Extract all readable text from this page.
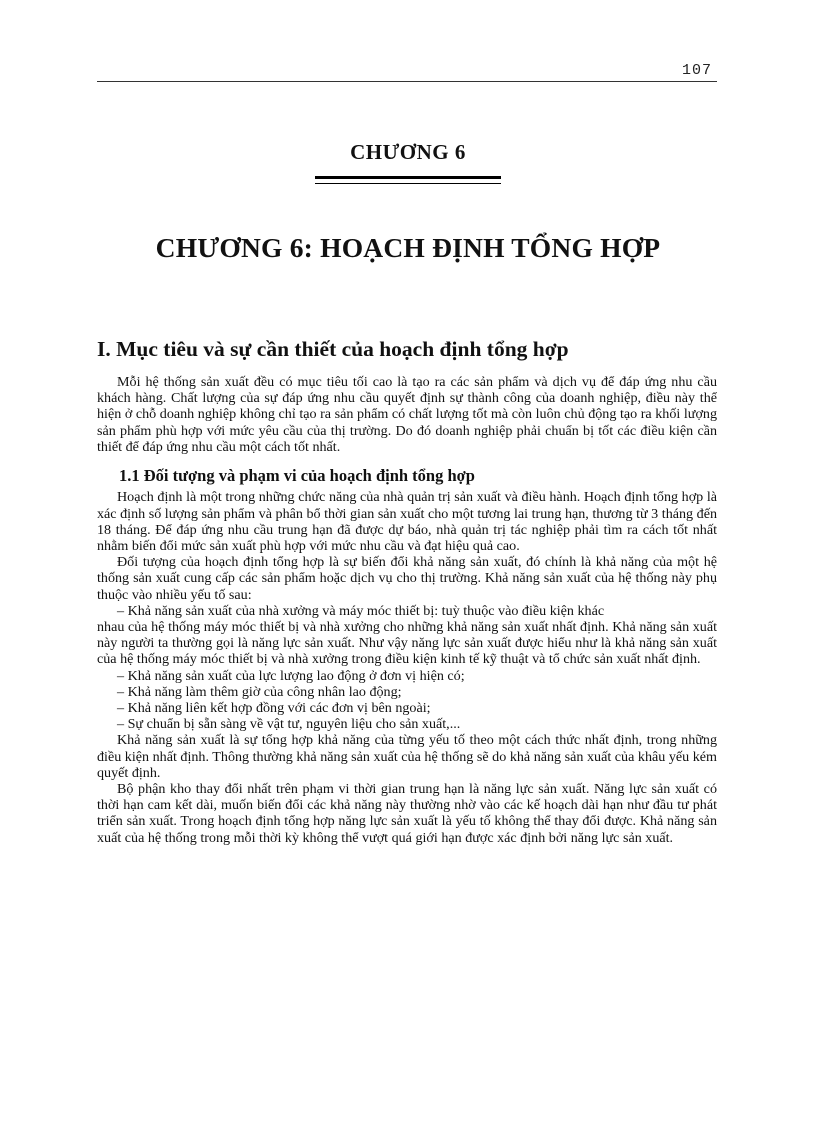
107
CHƯƠNG 6
CHƯƠNG 6: HOẠCH ĐỊNH TỔNG HỢP
I. Mục tiêu và sự cần thiết của hoạch định tổng hợp

Mỗi hệ thống sản xuất đều có mục tiêu tối cao là tạo ra các sản phẩm và dịch vụ để đáp ứng nhu cầu khách hàng. Chất lượng của sự đáp ứng nhu cầu quyết định sự thành công của doanh nghiệp, điều này thể hiện ở chỗ doanh nghiệp không chỉ tạo ra sản phẩm có chất lượng tốt mà còn luôn chủ động tạo ra khối lượng sản phẩm phù hợp với mức yêu cầu của thị trường. Do đó doanh nghiệp phải chuẩn bị tốt các điều kiện cần thiết để đáp ứng nhu cầu một cách tốt nhất.

1.1 Đối tượng và phạm vi của hoạch định tổng hợp

Hoạch định là một trong những chức năng của nhà quản trị sản xuất và điều hành. Hoạch định tổng hợp là xác định số lượng sản phẩm và phân bổ thời gian sản xuất cho một tương lai trung hạn, thương từ 3 tháng đến 18 tháng. Để đáp ứng nhu cầu trung hạn đã được dự báo, nhà quản trị tác nghiệp phải tìm ra cách tốt nhất nhằm biến đổi mức sản xuất phù hợp với mức nhu cầu và đạt hiệu quả cao.

Đối tượng của hoạch định tổng hợp là sự biến đổi khả năng sản xuất, đó chính là khả năng của một hệ thống sản xuất cung cấp các sản phẩm hoặc dịch vụ cho thị trường. Khả năng sản xuất của hệ thống này phụ thuộc vào nhiều yếu tố sau:

– Khả năng sản xuất của nhà xưởng và máy móc thiết bị: tuỳ thuộc vào điều kiện khác

nhau của hệ thống máy móc thiết bị và nhà xưởng cho những khả năng sản xuất nhất định. Khả năng sản xuất này người ta thường gọi là năng lực sản xuất. Như vậy năng lực sản xuất được hiểu như là khả năng sản xuất của hệ thống máy móc thiết bị và nhà xưởng trong điều kiện kinh tế kỹ thuật và tổ chức sản xuất nhất định.

– Khả năng sản xuất của lực lượng lao động ở đơn vị hiện có;

– Khả năng làm thêm giờ của công nhân lao động;

– Khả năng liên kết hợp đồng với các đơn vị bên ngoài;

– Sự chuẩn bị sẵn sàng về vật tư, nguyên liệu cho sản xuất,...

Khả năng sản xuất là sự tổng hợp khả năng của từng yếu tố theo một cách thức nhất định, trong những điều kiện nhất định. Thông thường khả năng sản xuất của hệ thống sẽ do khả năng sản xuất của khâu yếu kém quyết định.

Bộ phận kho thay đổi nhất trên phạm vi thời gian trung hạn là năng lực sản xuất. Năng lực sản xuất có thời hạn cam kết dài, muốn biến đổi các khả năng này thường nhờ vào các kế hoạch dài hạn như đầu tư phát triển sản xuất. Trong hoạch định tổng hợp năng lực sản xuất là yếu tố không thể thay đổi được. Khả năng sản xuất của hệ thống trong mỗi thời kỳ không thể vượt quá giới hạn được xác định bởi năng lực sản xuất.
